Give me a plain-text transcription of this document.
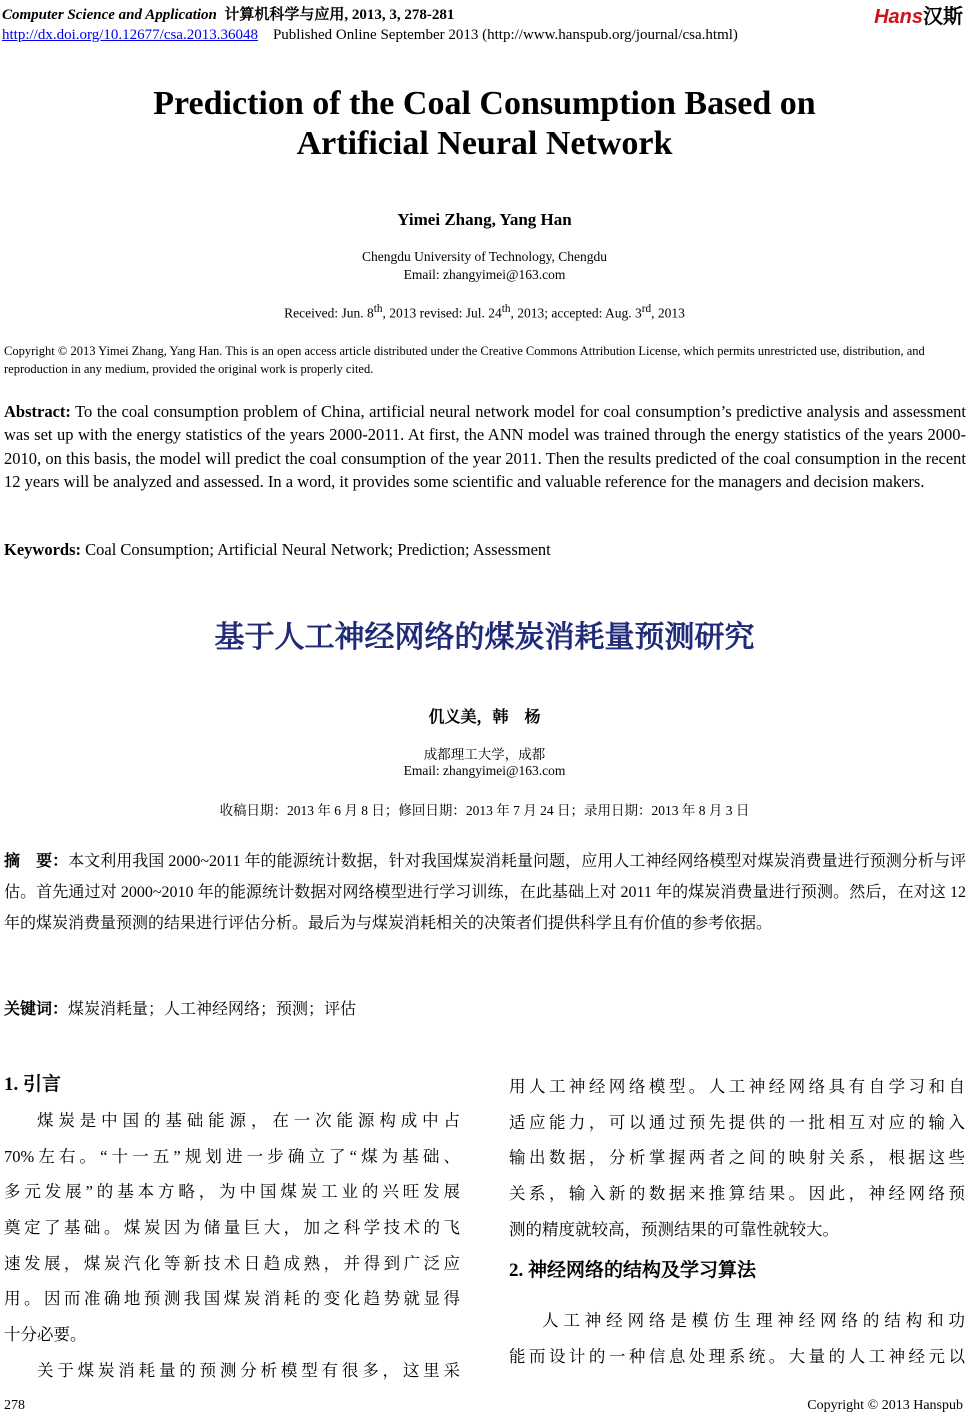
Computer Science and Application 计算机科学与应用, 2013, 3, 278-281
http://dx.doi.org/10.12677/csa.2013.36048 Published Online September 2013 (http://www.hanspub.org/journal/csa.html)
Hans汉斯
Prediction of the Coal Consumption Based on
Artificial Neural Network
Yimei Zhang, Yang Han
Chengdu University of Technology, Chengdu
Email: zhangyimei@163.com
Received: Jun. 8th, 2013 revised: Jul. 24th, 2013; accepted: Aug. 3rd, 2013
Copyright © 2013 Yimei Zhang, Yang Han. This is an open access article distributed under the Creative Commons Attribution License, which permits unrestricted use, distribution, and reproduction in any medium, provided the original work is properly cited.
Abstract: To the coal consumption problem of China, artificial neural network model for coal consumption’s predictive analysis and assessment was set up with the energy statistics of the years 2000-2011. At first, the ANN model was trained through the energy statistics of the years 2000-2010, on this basis, the model will predict the coal consumption of the year 2011. Then the results predicted of the coal consumption in the recent 12 years will be analyzed and assessed. In a word, it provides some scientific and valuable reference for the managers and decision makers.
Keywords: Coal Consumption; Artificial Neural Network; Prediction; Assessment
基于人工神经网络的煤炭消耗量预测研究
仉义美，韩　杨
成都理工大学，成都
Email: zhangyimei@163.com
收稿日期：2013 年 6 月 8 日；修回日期：2013 年 7 月 24 日；录用日期：2013 年 8 月 3 日
摘　要：本文利用我国 2000~2011 年的能源统计数据，针对我国煤炭消耗量问题，应用人工神经网络模型对煤炭消费量进行预测分析与评估。首先通过对 2000~2010 年的能源统计数据对网络模型进行学习训练，在此基础上对 2011 年的煤炭消费量进行预测。然后，在对这 12 年的煤炭消费量预测的结果进行评估分析。最后为与煤炭消耗相关的决策者们提供科学且有价值的参考依据。
关键词：煤炭消耗量；人工神经网络；预测；评估
1. 引言
煤炭是中国的基础能源，在一次能源构成中占
70%左右。“十一五”规划进一步确立了“煤为基础、
多元发展”的基本方略，为中国煤炭工业的兴旺发展
奠定了基础。煤炭因为储量巨大，加之科学技术的飞
速发展，煤炭汽化等新技术日趋成熟，并得到广泛应
用。因而准确地预测我国煤炭消耗的变化趋势就显得
十分必要。
关于煤炭消耗量的预测分析模型有很多，这里采
用人工神经网络模型。人工神经网络具有自学习和自
适应能力，可以通过预先提供的一批相互对应的输入
输出数据，分析掌握两者之间的映射关系，根据这些
关系，输入新的数据来推算结果。因此，神经网络预
测的精度就较高，预测结果的可靠性就较大。
2. 神经网络的结构及学习算法
人工神经网络是模仿生理神经网络的结构和功
能而设计的一种信息处理系统。大量的人工神经元以
278	Copyright © 2013 Hanspub
